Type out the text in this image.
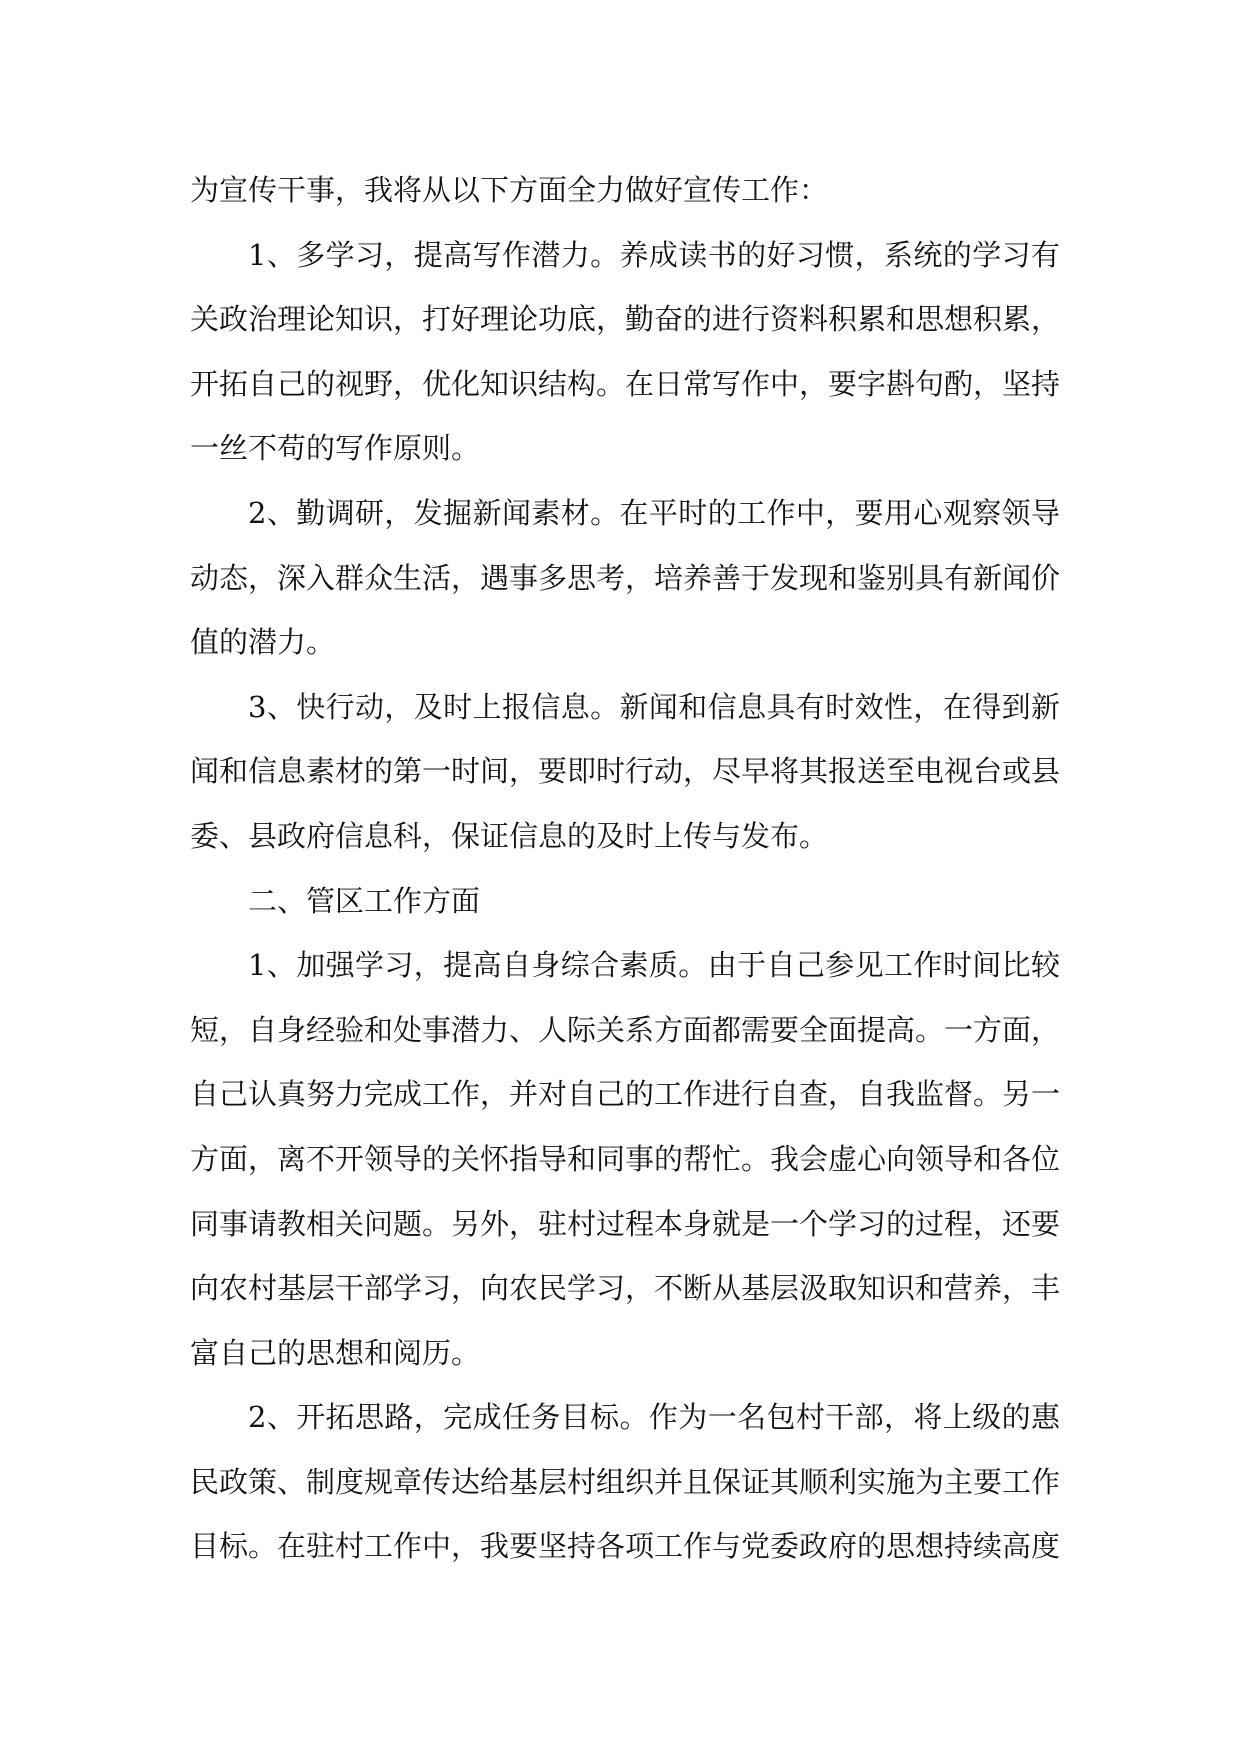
为宣传干事，我将从以下方面全力做好宣传工作：

1、多学习，提高写作潜力。养成读书的好习惯，系统的学习有关政治理论知识，打好理论功底，勤奋的进行资料积累和思想积累，开拓自己的视野，优化知识结构。在日常写作中，要字斟句酌，坚持一丝不苟的写作原则。

2、勤调研，发掘新闻素材。在平时的工作中，要用心观察领导动态，深入群众生活，遇事多思考，培养善于发现和鉴别具有新闻价值的潜力。

3、快行动，及时上报信息。新闻和信息具有时效性，在得到新闻和信息素材的第一时间，要即时行动，尽早将其报送至电视台或县委、县政府信息科，保证信息的及时上传与发布。

二、管区工作方面

1、加强学习，提高自身综合素质。由于自己参见工作时间比较短，自身经验和处事潜力、人际关系方面都需要全面提高。一方面，自己认真努力完成工作，并对自己的工作进行自查，自我监督。另一方面，离不开领导的关怀指导和同事的帮忙。我会虚心向领导和各位同事请教相关问题。另外，驻村过程本身就是一个学习的过程，还要向农村基层干部学习，向农民学习，不断从基层汲取知识和营养，丰富自己的思想和阅历。

2、开拓思路，完成任务目标。作为一名包村干部，将上级的惠民政策、制度规章传达给基层村组织并且保证其顺利实施为主要工作目标。在驻村工作中，我要坚持各项工作与党委政府的思想持续高度
